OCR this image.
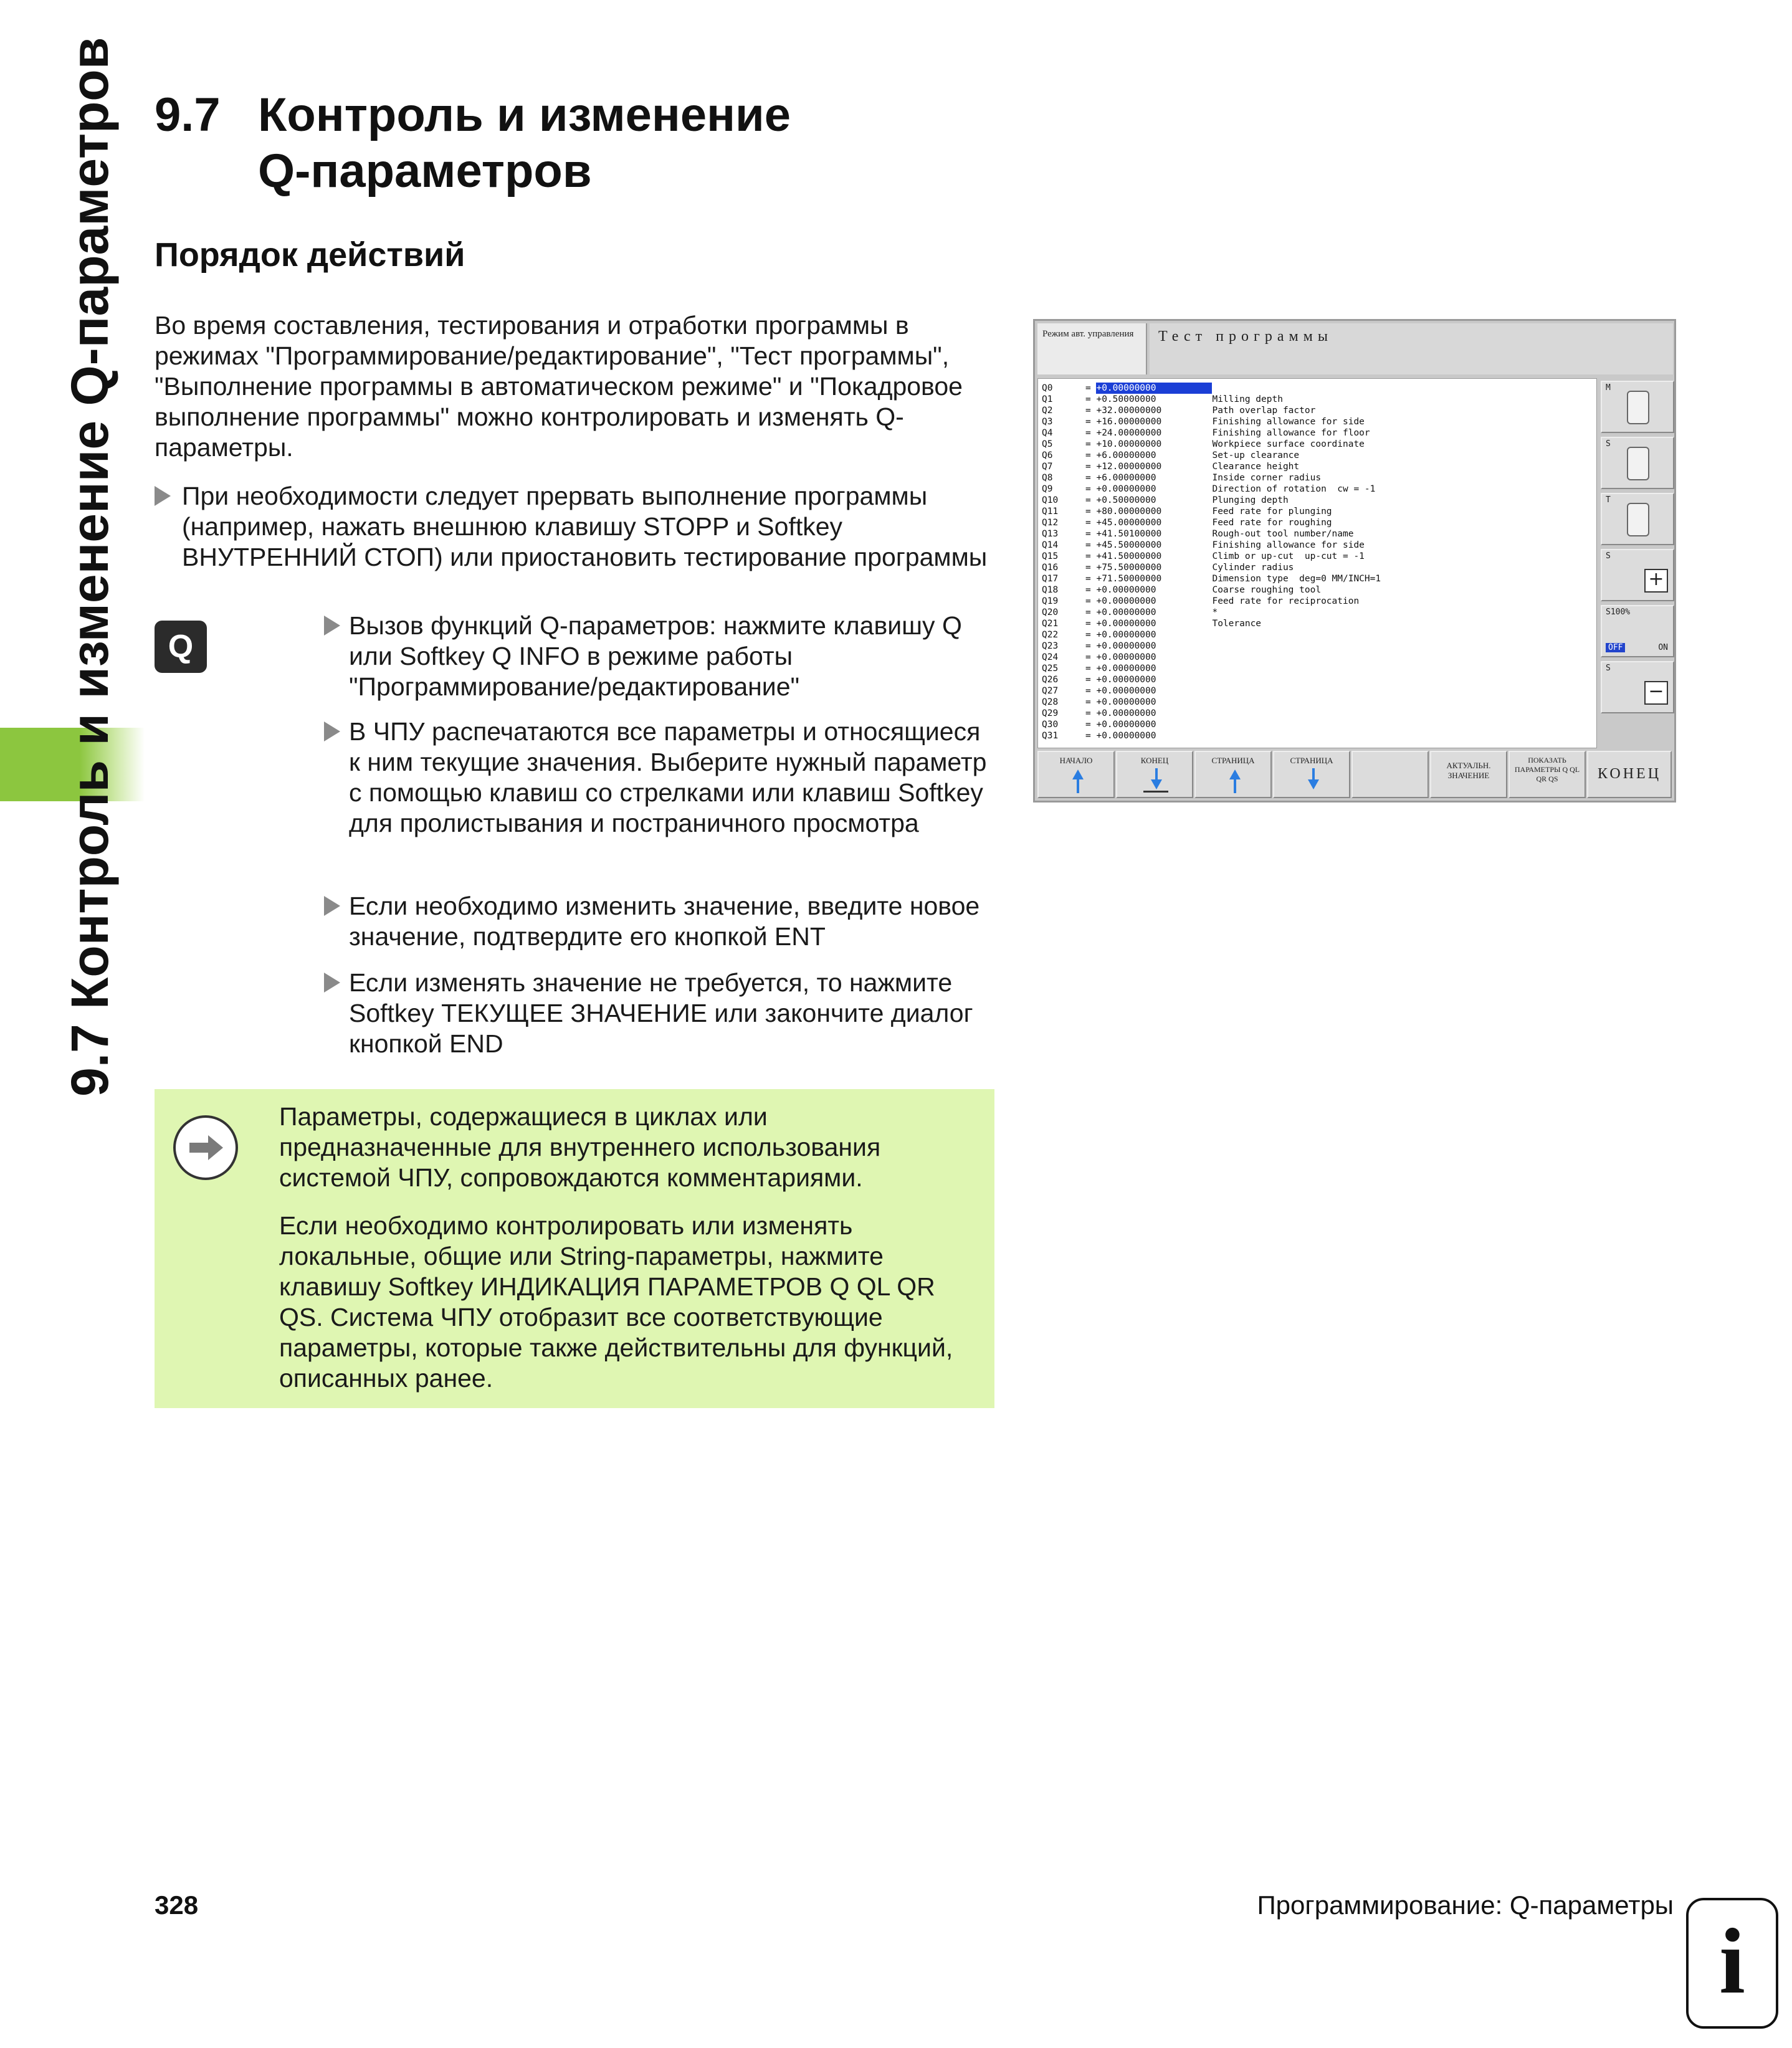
9.7 Контроль и изменение Q-параметров 9.7 Контроль и изменение
Q-параметров
Порядок действий
Во время составления, тестирования и отработки программы в режимах "Программирование/редактирование", "Тест программы", "Выполнение программы в автоматическом режиме" и "Покадровое выполнение программы" можно контролировать и изменять Q-параметры.
При необходимости следует прервать выполнение программы (например, нажать внешнюю клавишу STOPP и Softkey ВНУТРЕННИЙ СТОП) или приостановить тестирование программы
Q
Вызов функций Q-параметров: нажмите клавишу Q или Softkey Q INFO в режиме работы "Программирование/редактирование"
В ЧПУ распечатаются все параметры и относящиеся к ним текущие значения. Выберите нужный параметр с помощью клавиш со стрелками или клавиш Softkey для пролистывания и постраничного просмотра
Если необходимо изменить значение, введите новое значение, подтвердите его кнопкой ENT
Если изменять значение не требуется, то нажмите Softkey ТЕКУЩЕЕ ЗНАЧЕНИЕ или закончите диалог кнопкой END
Режим авт. управления	Тест программы
Q0	= +0.00000000
Q1	= +0.50000000	Milling depth
Q2	= +32.00000000	Path overlap factor
Q3	= +16.00000000	Finishing allowance for side
Q4	= +24.00000000	Finishing allowance for floor
Q5	= +10.00000000	Workpiece surface coordinate
Q6	= +6.00000000	Set-up clearance
Q7	= +12.00000000	Clearance height
Q8	= +6.00000000	Inside corner radius
Q9	= +0.00000000	Direction of rotation  cw = -1
Q10	= +0.50000000	Plunging depth
Q11	= +80.00000000	Feed rate for plunging
Q12	= +45.00000000	Feed rate for roughing
Q13	= +41.50100000	Rough-out tool number/name
Q14	= +45.50000000	Finishing allowance for side
Q15	= +41.50000000	Climb or up-cut  up-cut = -1
Q16	= +75.50000000	Cylinder radius
Q17	= +71.50000000	Dimension type  deg=0 MM/INCH=1
Q18	= +0.00000000	Coarse roughing tool
Q19	= +0.00000000	Feed rate for reciprocation
Q20	= +0.00000000	*
Q21	= +0.00000000	Tolerance
Q22	= +0.00000000
Q23	= +0.00000000
Q24	= +0.00000000
Q25	= +0.00000000
Q26	= +0.00000000
Q27	= +0.00000000
Q28	= +0.00000000
Q29	= +0.00000000
Q30	= +0.00000000
Q31	= +0.00000000
M
S
T
S
+
S100%
OFF	ON
S
−
НАЧАЛО	КОНЕЦ	СТРАНИЦА	СТРАНИЦА
АКТУАЛЬН. ЗНАЧЕНИЕ
ПОКАЗАТЬ ПАРАМЕТРЫ Q QL QR QS	КОНЕЦ

Параметры, содержащиеся в циклах или предназначенные для внутреннего использования системой ЧПУ, сопровождаются комментариями.

Если необходимо контролировать или изменять локальные, общие или String-параметры, нажмите клавишу Softkey ИНДИКАЦИЯ ПАРАМЕТРОВ Q QL QR QS. Система ЧПУ отобразит все соответствующие параметры, которые также действительны для функций, описанных ранее.

328	Программирование: Q-параметры
i
